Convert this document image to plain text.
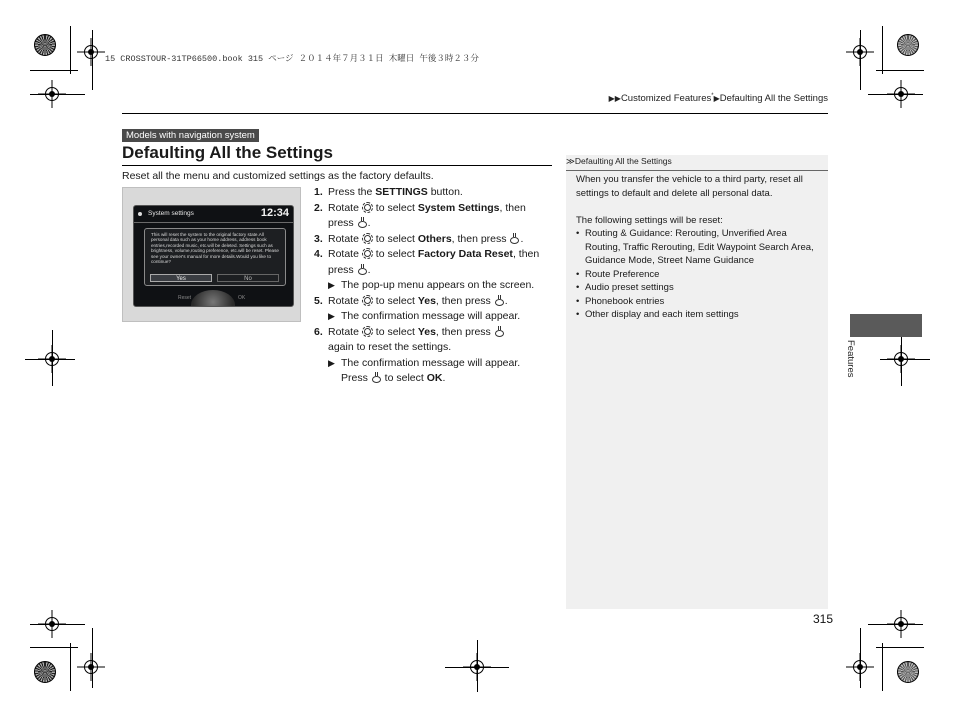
15 CROSSTOUR-31TP66500.book 315 ページ ２０１４年７月３１日 木曜日 午後３時２３分
▶▶Customized Features*▶Defaulting All the Settings
Models with navigation system
Defaulting All the Settings
Reset all the menu and customized settings as the factory defaults.
System settings	12:34
This will reset the system to the original factory state.All personal data such as your home address, address book entries,recorded music, etc.will be deleted. Settings such as brightness, volume,routing preference, etc.will be reset. Please see your owner's manual for more details.Would you like to continue?
Yes	No
Reset	OK
1. Press the SETTINGS button.
2. Rotate  to select System Settings, then press .
3. Rotate  to select Others, then press .
4. Rotate  to select Factory Data Reset, then press .
▶ The pop-up menu appears on the screen.
5. Rotate  to select Yes, then press .
▶ The confirmation message will appear.
6. Rotate  to select Yes, then press
again to reset the settings.
▶ The confirmation message will appear.
Press  to select OK.
≫Defaulting All the Settings
When you transfer the vehicle to a third party, reset all settings to default and delete all personal data.
The following settings will be reset:
• Routing & Guidance: Rerouting, Unverified Area Routing, Traffic Rerouting, Edit Waypoint Search Area, Guidance Mode, Street Name Guidance
• Route Preference
• Audio preset settings
• Phonebook entries
• Other display and each item settings
Features
315
